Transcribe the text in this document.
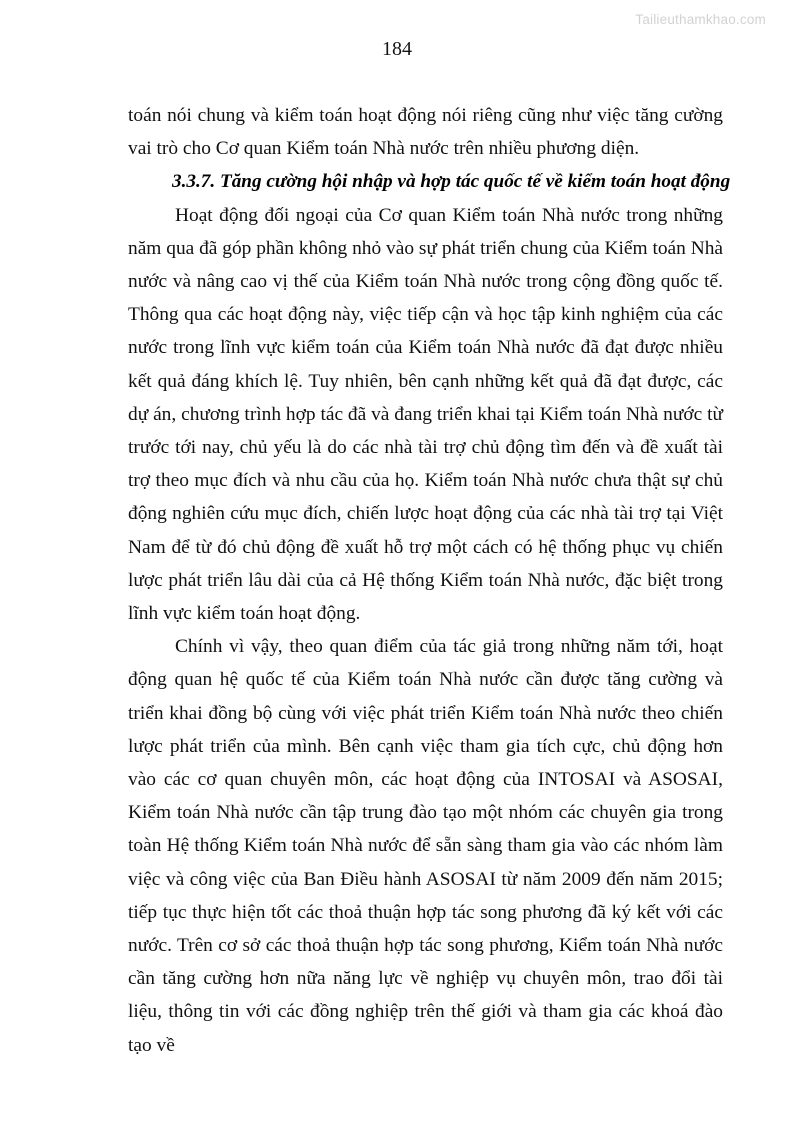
Tailieuthamkhao.com
184

toán nói chung và kiểm toán hoạt động nói riêng cũng như việc tăng cường vai trò cho Cơ quan Kiểm toán Nhà nước trên nhiều phương diện.

3.3.7. Tăng cường hội nhập và hợp tác quốc tế về kiểm toán hoạt động

Hoạt động đối ngoại của Cơ quan Kiểm toán Nhà nước trong những năm qua đã góp phần không nhỏ vào sự phát triển chung của Kiểm toán Nhà nước và nâng cao vị thế của Kiểm toán Nhà nước trong cộng đồng quốc tế. Thông qua các hoạt động này, việc tiếp cận và học tập kinh nghiệm của các nước trong lĩnh vực kiểm toán của Kiểm toán Nhà nước đã đạt được nhiều kết quả đáng khích lệ. Tuy nhiên, bên cạnh những kết quả đã đạt được, các dự án, chương trình hợp tác đã và đang triển khai tại Kiểm toán Nhà nước từ trước tới nay, chủ yếu là do các nhà tài trợ chủ động tìm đến và đề xuất tài trợ theo mục đích và nhu cầu của họ. Kiểm toán Nhà nước chưa thật sự chủ động nghiên cứu mục đích, chiến lược hoạt động của các nhà tài trợ tại Việt Nam để từ đó chủ động đề xuất hỗ trợ một cách có hệ thống phục vụ chiến lược phát triển lâu dài của cả Hệ thống Kiểm toán Nhà nước, đặc biệt trong lĩnh vực kiểm toán hoạt động.

Chính vì vậy, theo quan điểm của tác giả trong những năm tới, hoạt động quan hệ quốc tế của Kiểm toán Nhà nước cần được tăng cường và triển khai đồng bộ cùng với việc phát triển Kiểm toán Nhà nước theo chiến lược phát triển của mình. Bên cạnh việc tham gia tích cực, chủ động hơn vào các cơ quan chuyên môn, các hoạt động của INTOSAI và ASOSAI, Kiểm toán Nhà nước cần tập trung đào tạo một nhóm các chuyên gia trong toàn Hệ thống Kiểm toán Nhà nước để sẵn sàng tham gia vào các nhóm làm việc và công việc của Ban Điều hành ASOSAI từ năm 2009 đến năm 2015; tiếp tục thực hiện tốt các thoả thuận hợp tác song phương đã ký kết với các nước. Trên cơ sở các thoả thuận hợp tác song phương, Kiểm toán Nhà nước cần tăng cường hơn nữa năng lực về nghiệp vụ chuyên môn, trao đổi tài liệu, thông tin với các đồng nghiệp trên thế giới và tham gia các khoá đào tạo về
